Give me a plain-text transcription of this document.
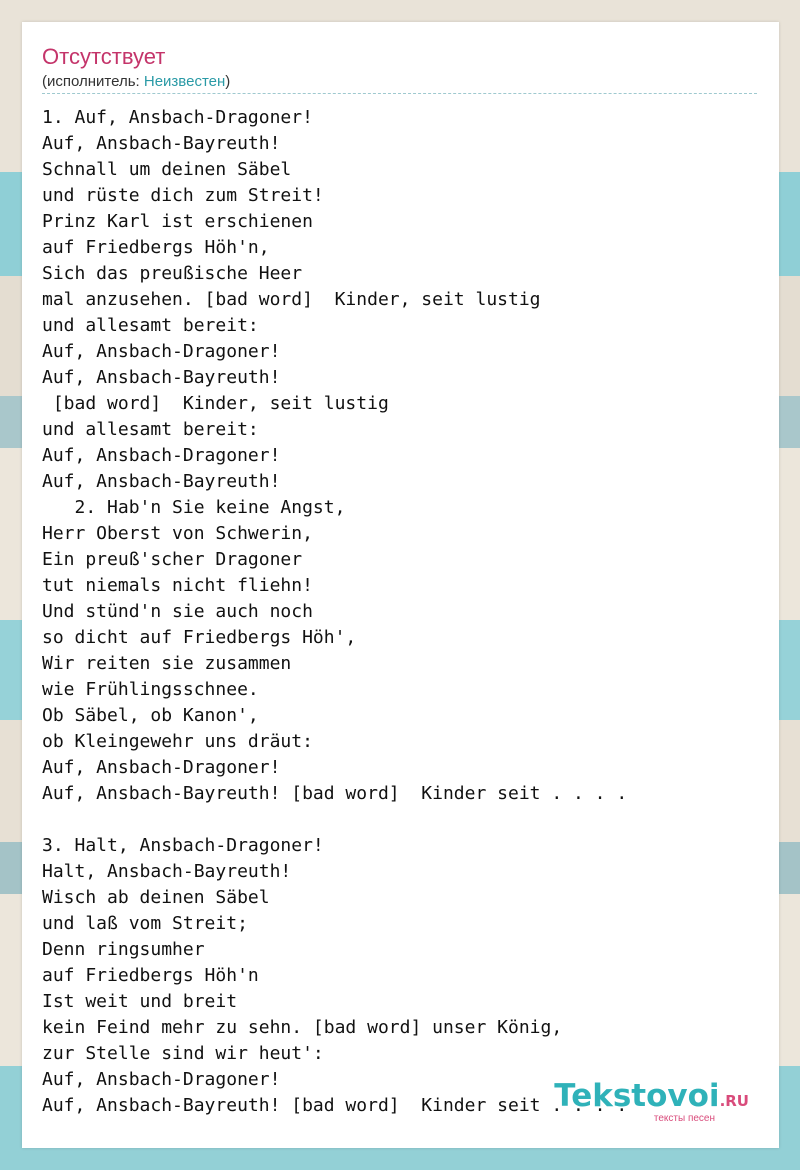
Отсутствует
(исполнитель: Неизвестен)
1. Auf, Ansbach-Dragoner!
Auf, Ansbach-Bayreuth!
Schnall um deinen Säbel
und rüste dich zum Streit!
Prinz Karl ist erschienen
auf Friedbergs Höh'n,
Sich das preußische Heer
mal anzusehen. [bad word]  Kinder, seit lustig
und allesamt bereit:
Auf, Ansbach-Dragoner!
Auf, Ansbach-Bayreuth!
[bad word]  Kinder, seit lustig
und allesamt bereit:
Auf, Ansbach-Dragoner!
Auf, Ansbach-Bayreuth!
2. Hab'n Sie keine Angst,
Herr Oberst von Schwerin,
Ein preuß'scher Dragoner
tut niemals nicht fliehn!
Und stünd'n sie auch noch
so dicht auf Friedbergs Höh',
Wir reiten sie zusammen
wie Frühlingsschnee.
Ob Säbel, ob Kanon',
ob Kleingewehr uns dräut:
Auf, Ansbach-Dragoner!
Auf, Ansbach-Bayreuth! [bad word]  Kinder seit . . . .

3. Halt, Ansbach-Dragoner!
Halt, Ansbach-Bayreuth!
Wisch ab deinen Säbel
und laß vom Streit;
Denn ringsumher
auf Friedbergs Höh'n
Ist weit und breit
kein Feind mehr zu sehn. [bad word] unser König,
zur Stelle sind wir heut':
Auf, Ansbach-Dragoner!
Auf, Ansbach-Bayreuth! [bad word]  Kinder seit . . . .
Tekstovoi.RU
тексты песен
